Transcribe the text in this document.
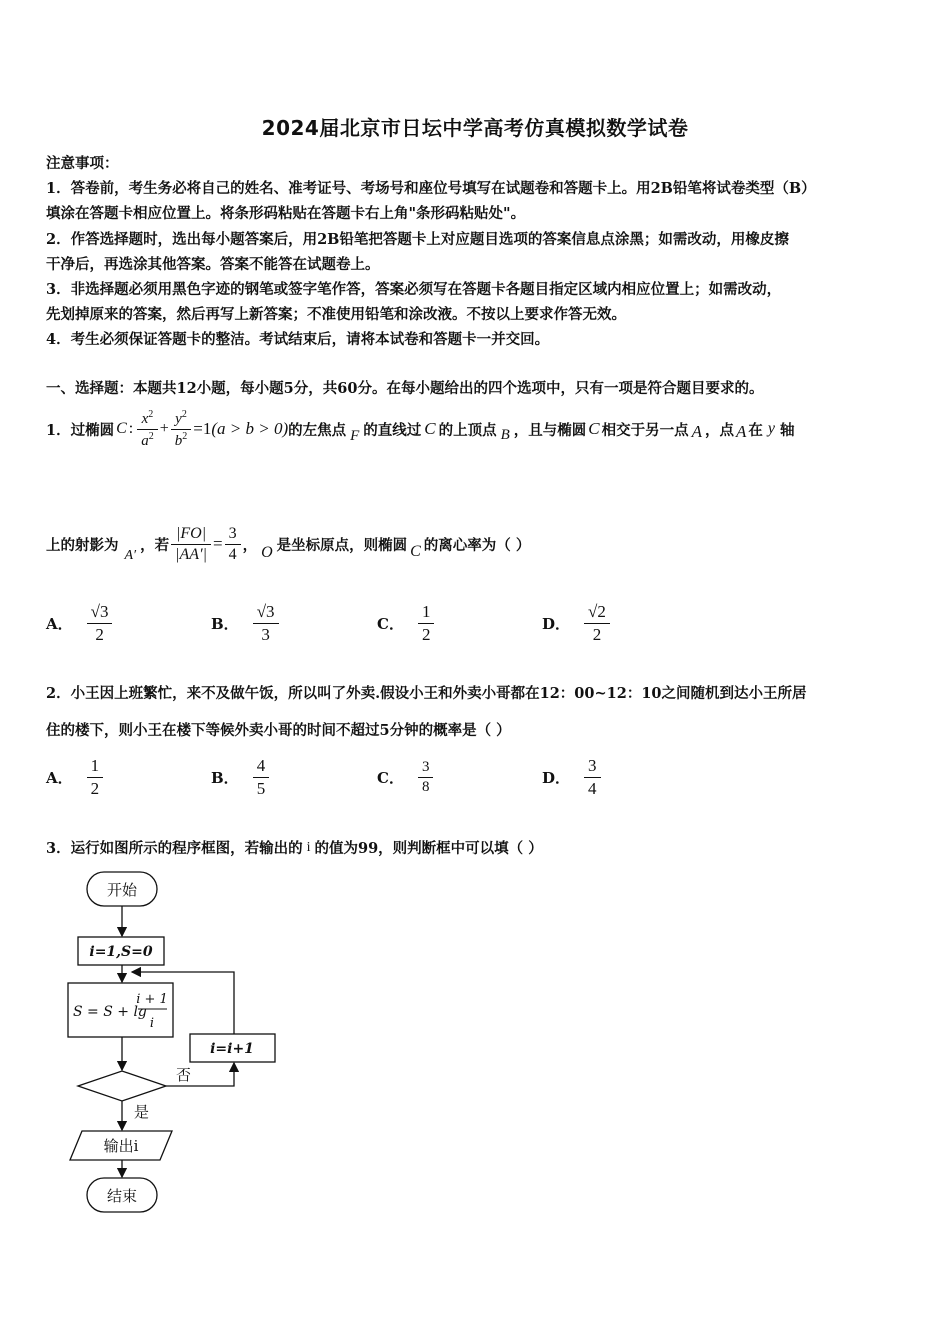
2024届北京市日坛中学高考仿真模拟数学试卷
注意事项：
1．答卷前，考生务必将自己的姓名、准考证号、考场号和座位号填写在试题卷和答题卡上。用2B铅笔将试卷类型（B）
填涂在答题卡相应位置上。将条形码粘贴在答题卡右上角"条形码粘贴处"。
2．作答选择题时，选出每小题答案后，用2B铅笔把答题卡上对应题目选项的答案信息点涂黑；如需改动，用橡皮擦
干净后，再选涂其他答案。答案不能答在试题卷上。
3．非选择题必须用黑色字迹的钢笔或签字笔作答，答案必须写在答题卡各题目指定区域内相应位置上；如需改动，
先划掉原来的答案，然后再写上新答案；不准使用铅笔和涂改液。不按以上要求作答无效。
4．考生必须保证答题卡的整洁。考试结束后，请将本试卷和答题卡一并交回。
一、选择题：本题共12小题，每小题5分，共60分。在每小题给出的四个选项中，只有一项是符合题目要求的。
1．过椭圆 C : $\frac{x^2}{a^2} + \frac{y^2}{b^2} =1$ (a > b > 0) 的左焦点 F 的直线过 C 的上顶点 B ，且与椭圆 C 相交于另一点 A ，点 A 在 y 轴
上的射影为
A′
，若 $\frac{|FO|}{|AA'|} = \frac{3}{4}$ ， O 是坐标原点，则椭圆 C 的离心率为（ ）
A． $\frac{√3}{2}$	B． $\frac{√3}{3}$	C． $\frac{1}{2}$	D． $\frac{√2}{2}$
2．小王因上班繁忙，来不及做午饭，所以叫了外卖.假设小王和外卖小哥都在12：00~12：10之间随机到达小王所居
住的楼下，则小王在楼下等候外卖小哥的时间不超过5分钟的概率是（ ）
A． $\frac{1}{2}$	B． $\frac{4}{5}$	C． $\frac{3}{8}$	D． $\frac{3}{4}$
3．运行如图所示的程序框图，若输出的 i 的值为99，则判断框中可以填（ ）
开始
i=1,S=0
S = S + lg
i + 1
i
i=i+1
否
是
输出i
结束
